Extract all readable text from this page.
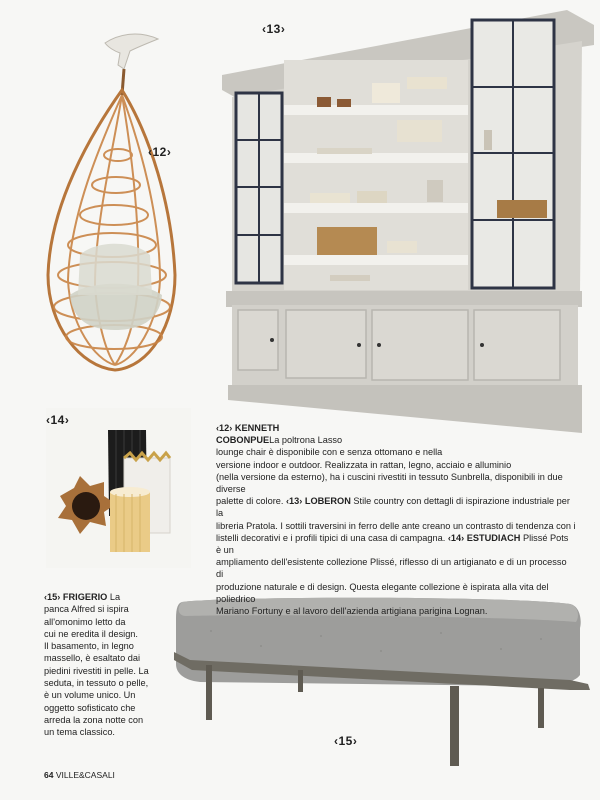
‹12›
‹13›
‹14›
‹15›
‹12› KENNETH
COBONPUELa poltrona Lasso
lounge chair è disponibile con e senza ottomano e nella
versione indoor e outdoor. Realizzata in rattan, legno, acciaio e alluminio
(nella versione da esterno), ha i cuscini rivestiti in tessuto Sunbrella, disponibili in due diverse
palette di colore. ‹13› LOBERON Stile country con dettagli di ispirazione industriale per la
libreria Pratola. I sottili traversini in ferro delle ante creano un contrasto di tendenza con i
listelli decorativi e i profili tipici di una casa di campagna. ‹14› ESTUDIACH Plissé Pots è un
ampliamento dell'esistente collezione Plissé, riflesso di un artigianato e di un processo di
produzione naturale e di design. Questa elegante collezione è ispirata alla vita del poliedrico
Mariano Fortuny e al lavoro dell'azienda artigiana parigina Lognan.
‹15› FRIGERIO La
panca Alfred si ispira
all'omonimo letto da
cui ne eredita il design.
Il basamento, in legno
massello, è esaltato dai
piedini rivestiti in pelle. La
seduta, in tessuto o pelle,
è un volume unico. Un
oggetto sofisticato che
arreda la zona notte con
un tema classico.
64 VILLE&CASALI
